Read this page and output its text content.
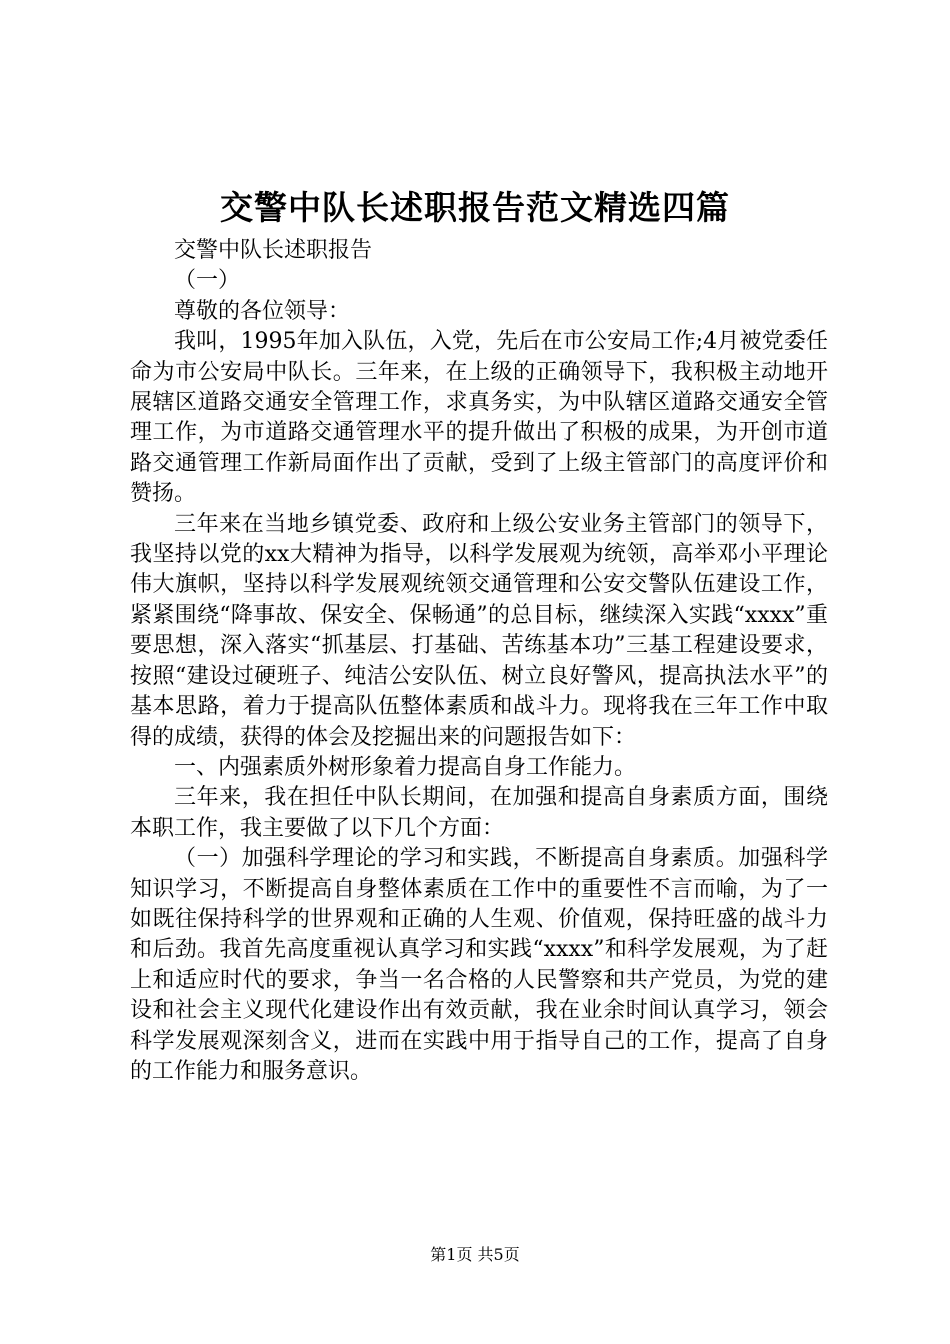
交警中队长述职报告范文精选四篇

交警中队长述职报告

（一）

尊敬的各位领导：

我叫，1995年加入队伍，入党，先后在市公安局工作;4月被党委任命为市公安局中队长。三年来，在上级的正确领导下，我积极主动地开展辖区道路交通安全管理工作，求真务实，为中队辖区道路交通安全管理工作，为市道路交通管理水平的提升做出了积极的成果，为开创市道路交通管理工作新局面作出了贡献，受到了上级主管部门的高度评价和赞扬。

三年来在当地乡镇党委、政府和上级公安业务主管部门的领导下，我坚持以党的xx大精神为指导，以科学发展观为统领，高举邓小平理论伟大旗帜，坚持以科学发展观统领交通管理和公安交警队伍建设工作，紧紧围绕“降事故、保安全、保畅通”的总目标，继续深入实践“xxxx”重要思想，深入落实“抓基层、打基础、苦练基本功”三基工程建设要求，按照“建设过硬班子、纯洁公安队伍、树立良好警风，提高执法水平”的基本思路，着力于提高队伍整体素质和战斗力。现将我在三年工作中取得的成绩，获得的体会及挖掘出来的问题报告如下：

一、内强素质外树形象着力提高自身工作能力。

三年来，我在担任中队长期间，在加强和提高自身素质方面，围绕本职工作，我主要做了以下几个方面：

（一）加强科学理论的学习和实践，不断提高自身素质。加强科学知识学习，不断提高自身整体素质在工作中的重要性不言而喻，为了一如既往保持科学的世界观和正确的人生观、价值观，保持旺盛的战斗力和后劲。我首先高度重视认真学习和实践“xxxx”和科学发展观，为了赶上和适应时代的要求，争当一名合格的人民警察和共产党员，为党的建设和社会主义现代化建设作出有效贡献，我在业余时间认真学习，领会科学发展观深刻含义，进而在实践中用于指导自己的工作，提高了自身的工作能力和服务意识。

第1页 共5页
